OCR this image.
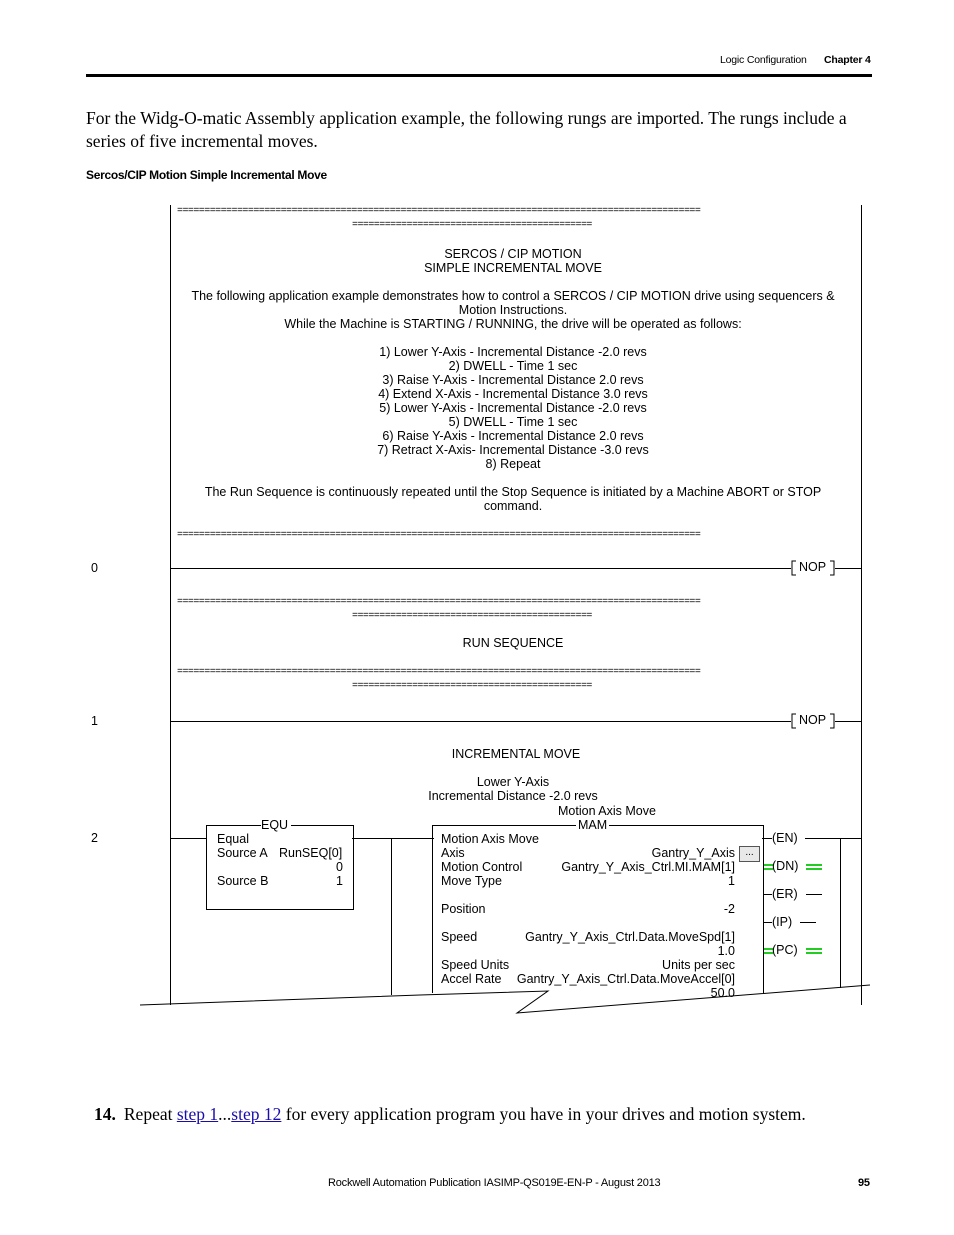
Logic Configuration Chapter 4
For the Widg-O-matic Assembly application example, the following rungs are imported. The rungs include a series of five incremental moves.
Sercos/CIP Motion Simple Incremental Move
================================================================================================
============================================
SERCOS / CIP MOTION
SIMPLE INCREMENTAL MOVE
The following application example demonstrates how to control a SERCOS / CIP MOTION drive using sequencers &
Motion Instructions.
While the Machine is STARTING / RUNNING, the drive will be operated as follows:
1) Lower Y-Axis - Incremental Distance -2.0 revs
2) DWELL - Time 1 sec
3) Raise Y-Axis - Incremental Distance 2.0 revs
4) Extend X-Axis - Incremental Distance 3.0 revs
5) Lower Y-Axis - Incremental Distance -2.0 revs
5) DWELL - Time 1 sec
6) Raise Y-Axis - Incremental Distance 2.0 revs
7) Retract X-Axis- Incremental Distance -3.0 revs
8) Repeat
The Run Sequence is continuously repeated until the Stop Sequence is initiated by a Machine ABORT or STOP
command.
================================================================================================
0	NOP
================================================================================================
============================================
RUN SEQUENCE
================================================================================================
============================================
1	NOP
INCREMENTAL MOVE
Lower Y-Axis
Incremental Distance -2.0 revs
2
EQU
Equal
Source A RunSEQ[0]
0
Source B	1
Motion Axis Move
MAM
Motion Axis Move
Axis	Gantry_Y_Axis	...
Motion Control	Gantry_Y_Axis_Ctrl.MI.MAM[1]
Move Type	1
Position	-2
Speed	Gantry_Y_Axis_Ctrl.Data.MoveSpd[1]
1.0
Speed Units	Units per sec
Accel Rate Gantry_Y_Axis_Ctrl.Data.MoveAccel[0]
50.0
(EN)
(DN)
(ER)
(IP)
(PC)
14. Repeat step 1...step 12 for every application program you have in your drives and motion system.
Rockwell Automation Publication IASIMP-QS019E-EN-P - August 2013	95
